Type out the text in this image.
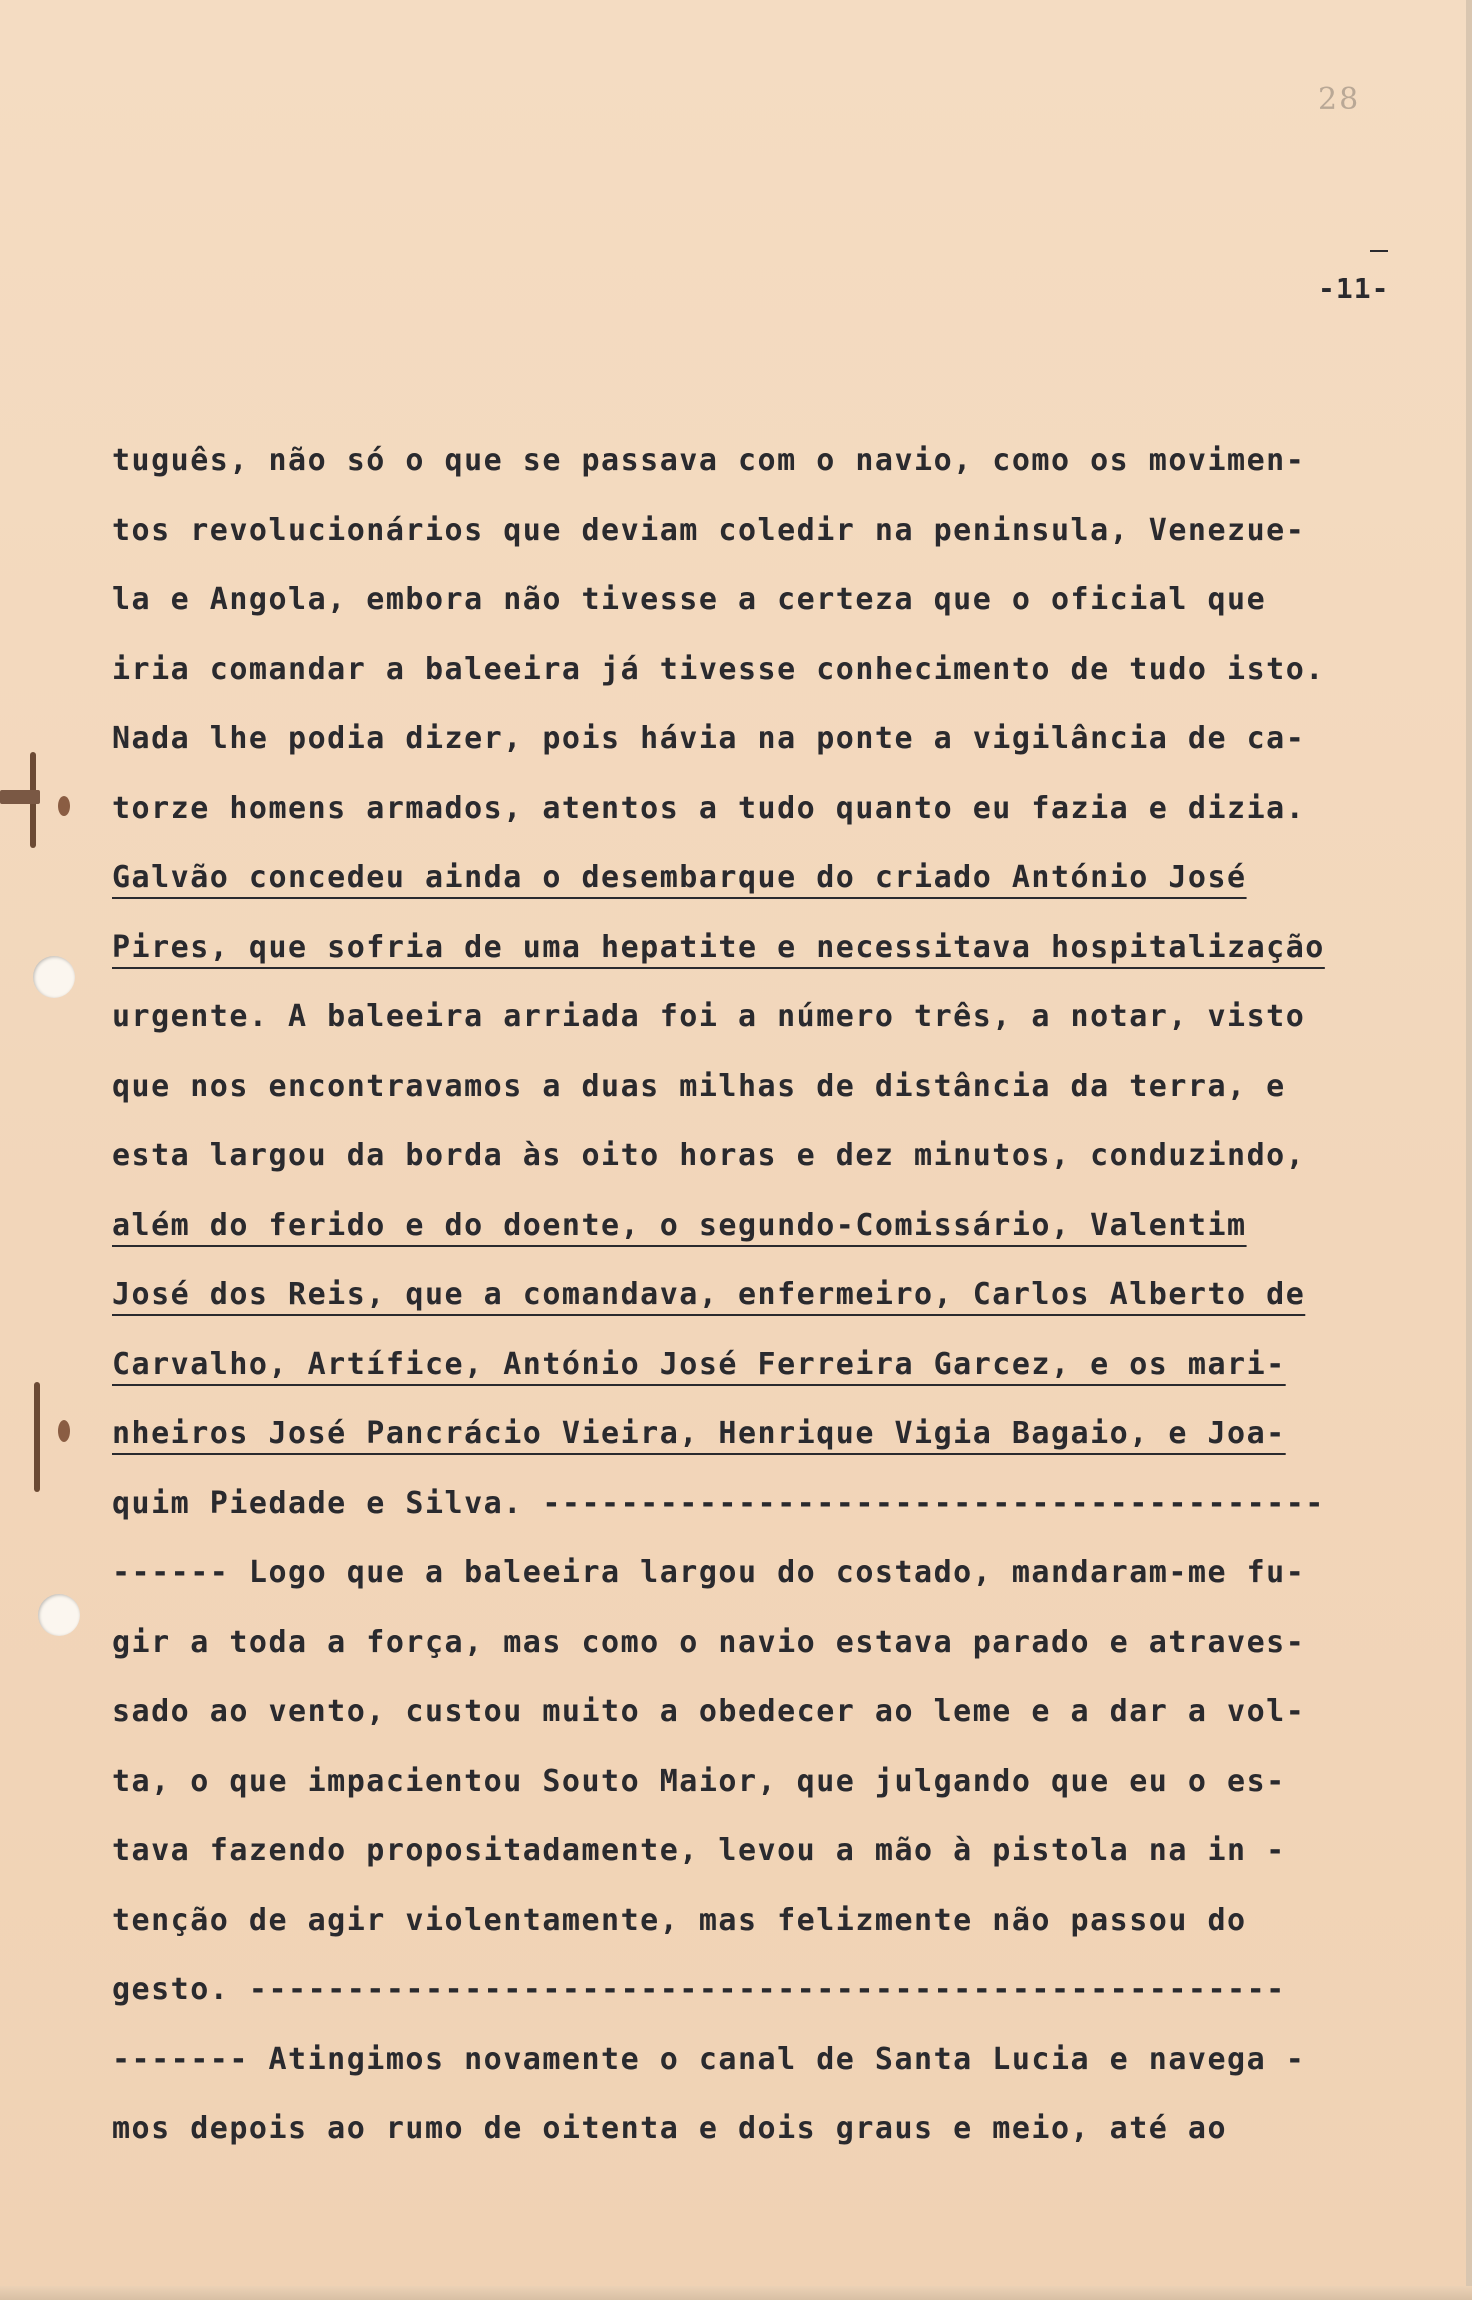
28
-11-
tuguês, não só o que se passava com o navio, como os movimen-
tos revolucionários que deviam coledir na peninsula, Venezue-
la e Angola, embora não tivesse a certeza que o oficial que
iria comandar a baleeira já tivesse conhecimento de tudo isto.
Nada lhe podia dizer, pois hávia na ponte a vigilância de ca-
torze homens armados, atentos a tudo quanto eu fazia e dizia.
Galvão concedeu ainda o desembarque do criado António José
Pires, que sofria de uma hepatite e necessitava hospitalização
urgente. A baleeira arriada foi a número três, a notar, visto
que nos encontravamos a duas milhas de distância da terra, e
esta largou da borda às oito horas e dez minutos, conduzindo,
além do ferido e do doente, o segundo-Comissário, Valentim
José dos Reis, que a comandava, enfermeiro, Carlos Alberto de
Carvalho, Artífice, António José Ferreira Garcez, e os mari-
nheiros José Pancrácio Vieira, Henrique Vigia Bagaio, e Joa-
quim Piedade e Silva. ----------------------------------------
------ Logo que a baleeira largou do costado, mandaram-me fu-
gir a toda a força, mas como o navio estava parado e atraves-
sado ao vento, custou muito a obedecer ao leme e a dar a vol-
ta, o que impacientou Souto Maior, que julgando que eu o es-
tava fazendo propositadamente, levou a mão à pistola na in -
tenção de agir violentamente, mas felizmente não passou do
gesto. -----------------------------------------------------
------- Atingimos novamente o canal de Santa Lucia e navega -
mos depois ao rumo de oitenta e dois graus e meio, até ao
